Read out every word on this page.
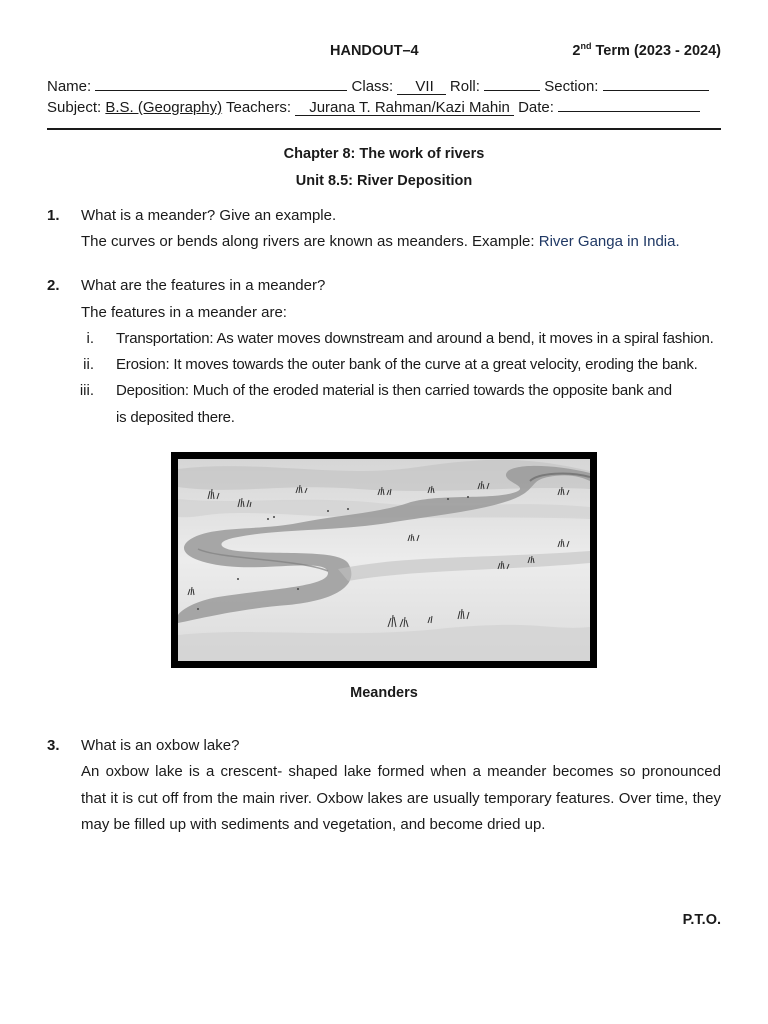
HANDOUT–4	2nd Term (2023 - 2024)
Name:	Class: VII Roll:	Section:
Subject: B.S. (Geography) Teachers: Jurana T. Rahman/Kazi Mahin Date:
Chapter 8: The work of rivers
Unit 8.5: River Deposition
1. What is a meander? Give an example.
The curves or bends along rivers are known as meanders. Example: River Ganga in India.
2. What are the features in a meander?
The features in a meander are:
i. Transportation: As water moves downstream and around a bend, it moves in a spiral fashion.
ii. Erosion: It moves towards the outer bank of the curve at a great velocity, eroding the bank.
iii. Deposition: Much of the eroded material is then carried towards the opposite bank and
is deposited there.
Meanders
3. What is an oxbow lake?
An oxbow lake is a crescent- shaped lake formed when a meander becomes so pronounced that it is cut off from the main river. Oxbow lakes are usually temporary features. Over time, they may be filled up with sediments and vegetation, and become dried up.
P.T.O.
